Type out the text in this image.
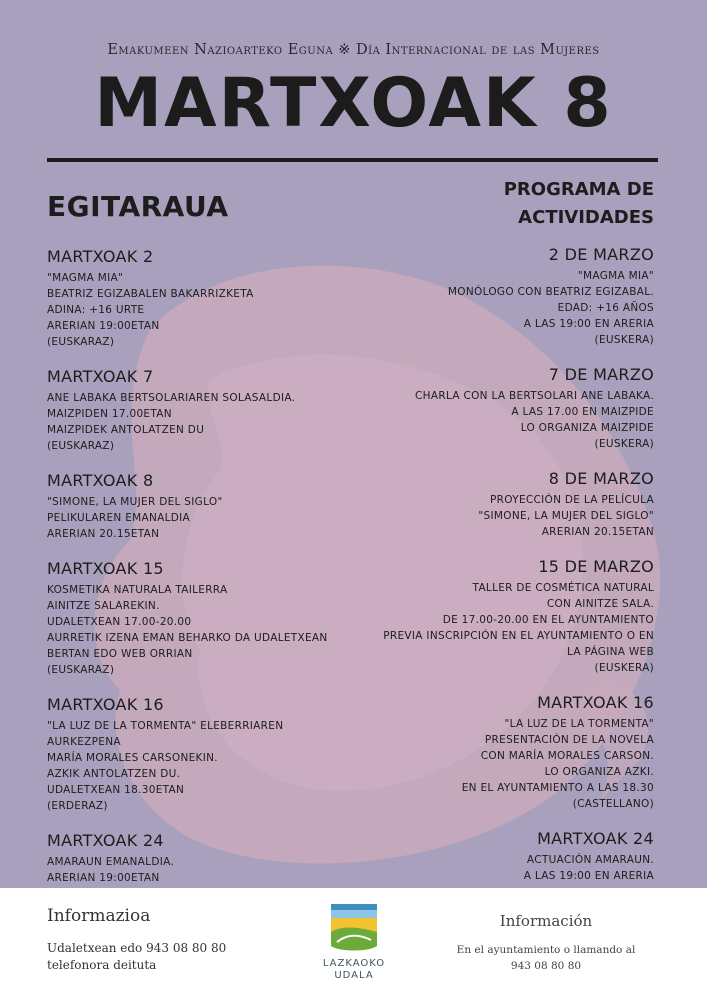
Emakumeen Nazioarteko Eguna ※ Día Internacional de las Mujeres
MARTXOAK 8
EGITARAUA
MARTXOAK 2
"MAGMA MIA"
BEATRIZ EGIZABALEN BAKARRIZKETA
ADINA: +16 URTE
ARERIAN 19:00ETAN
(EUSKARAZ)
MARTXOAK 7
ANE LABAKA BERTSOLARIAREN SOLASALDIA.
MAIZPIDEN 17.00ETAN
MAIZPIDEK ANTOLATZEN DU
(EUSKARAZ)
MARTXOAK 8
"SIMONE, LA MUJER DEL SIGLO"
PELIKULAREN EMANALDIA
ARERIAN 20.15ETAN
MARTXOAK 15
KOSMETIKA NATURALA TAILERRA
AINITZE SALAREKIN.
UDALETXEAN 17.00-20.00
AURRETIK IZENA EMAN BEHARKO DA UDALETXEAN
BERTAN EDO WEB ORRIAN
(EUSKARAZ)
MARTXOAK 16
"LA LUZ DE LA TORMENTA" ELEBERRIAREN
AURKEZPENA
MARÍA MORALES CARSONEKIN.
AZKIK ANTOLATZEN DU.
UDALETXEAN 18.30ETAN
(ERDERAZ)
MARTXOAK 24
AMARAUN EMANALDIA.
ARERIAN 19:00ETAN
PROGRAMA DE
ACTIVIDADES
2 DE MARZO
"MAGMA MIA"
MONÓLOGO CON BEATRIZ EGIZABAL.
EDAD: +16 AÑOS
A LAS 19:00 EN ARERIA
(EUSKERA)
7 DE MARZO
CHARLA CON LA BERTSOLARI ANE LABAKA.
A LAS 17.00 EN MAIZPIDE
LO ORGANIZA MAIZPIDE
(EUSKERA)
8 DE MARZO
PROYECCIÓN DE LA PELÍCULA
"SIMONE, LA MUJER DEL SIGLO"
ARERIAN 20.15ETAN
15 DE MARZO
TALLER DE COSMÉTICA NATURAL
CON AINITZE SALA.
DE 17.00-20.00 EN EL AYUNTAMIENTO
PREVIA INSCRIPCIÓN EN EL AYUNTAMIENTO O EN
LA PÁGINA WEB
(EUSKERA)
MARTXOAK 16
"LA LUZ DE LA TORMENTA"
PRESENTACIÓN DE LA NOVELA
CON MARÍA MORALES CARSON.
LO ORGANIZA AZKI.
EN EL AYUNTAMIENTO A LAS 18.30
(CASTELLANO)
MARTXOAK 24
ACTUACIÓN AMARAUN.
A LAS 19:00 EN ARERIA
Informazioa
Udaletxean edo 943 08 80 80
telefonora deituta	LAZKAOKO
UDALA
Información
En el ayuntamiento o llamando al
943 08 80 80
